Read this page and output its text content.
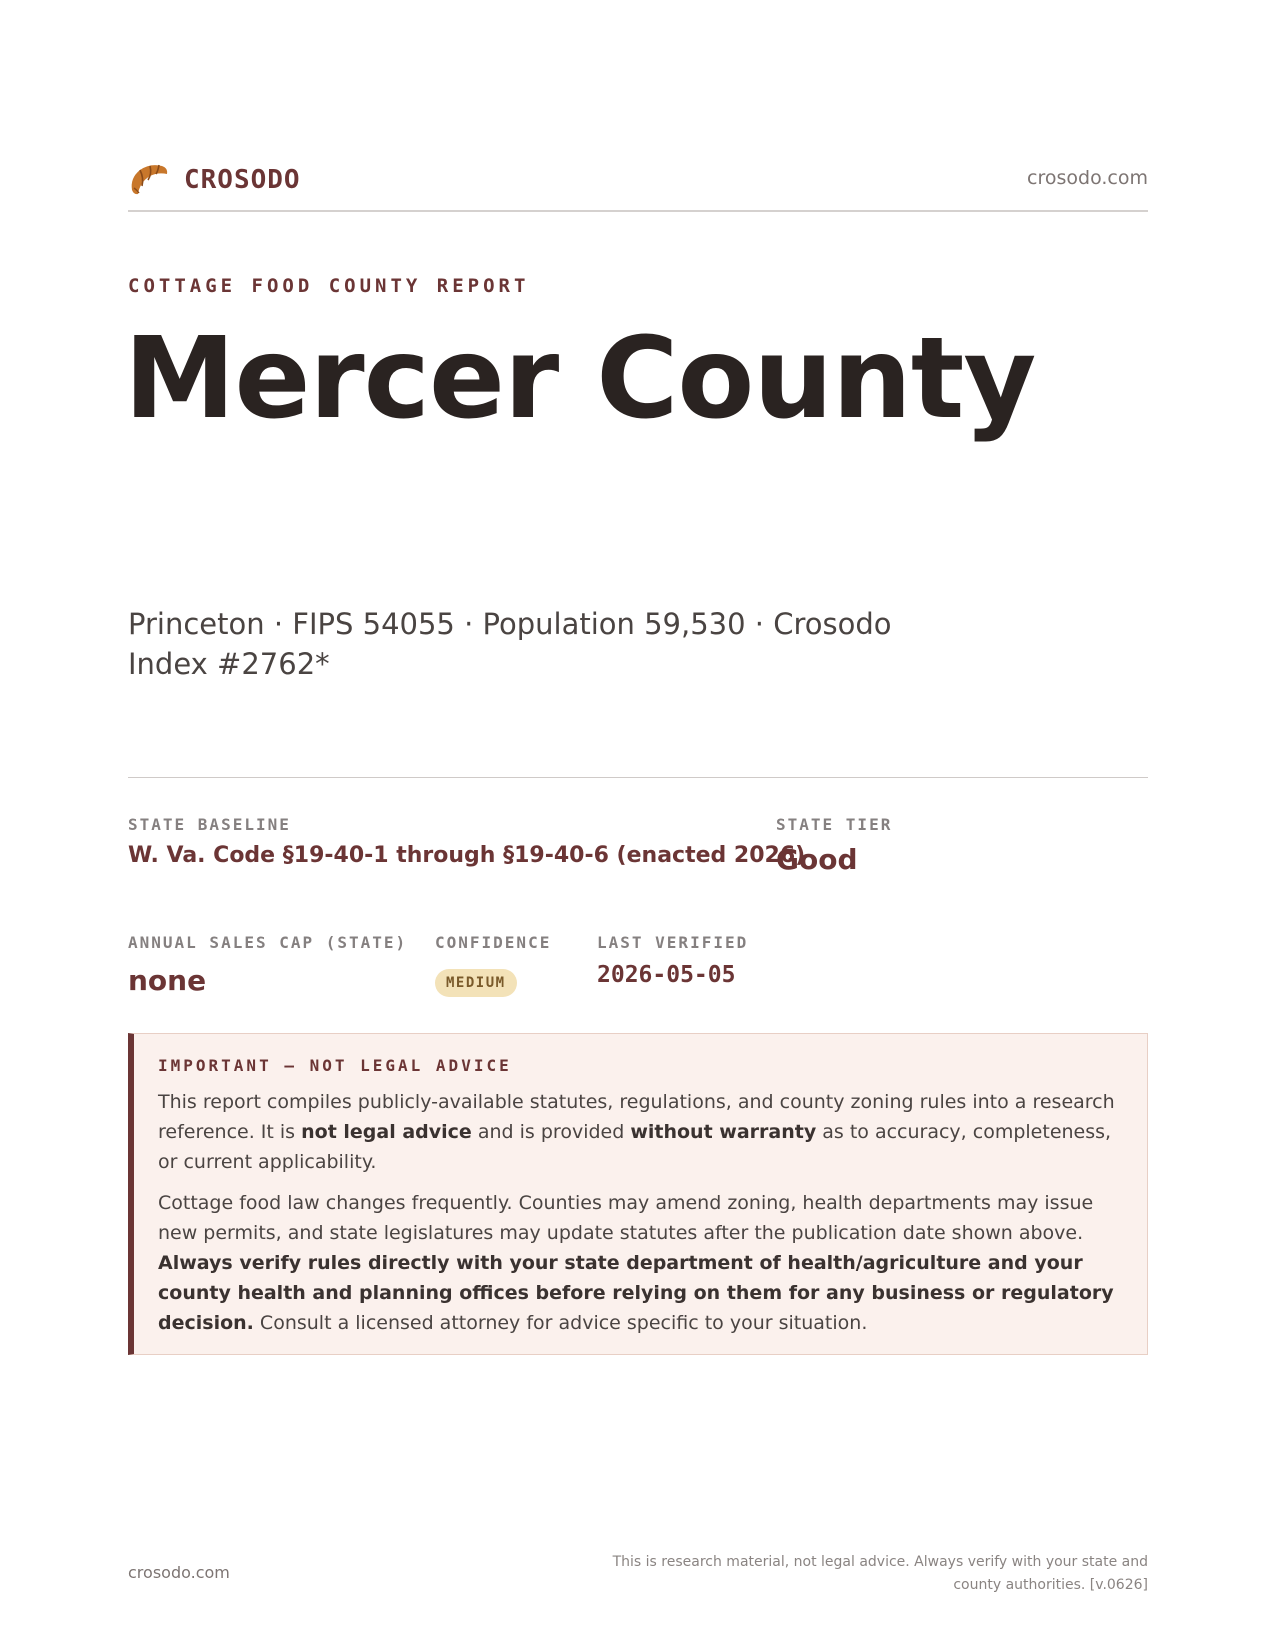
CROSODO	crosodo.com
COTTAGE FOOD COUNTY REPORT
Mercer County
Princeton · FIPS 54055 · Population 59,530 · Crosodo Index #2762*
STATE BASELINE
W. Va. Code §19-40-1 through §19-40-6 (enacted 2026)
STATE TIER
Good
ANNUAL SALES CAP (STATE)
none
CONFIDENCE
MEDIUM
LAST VERIFIED
2026-05-05
IMPORTANT — NOT LEGAL ADVICE

This report compiles publicly-available statutes, regulations, and county zoning rules into a research reference. It is not legal advice and is provided without warranty as to accuracy, completeness, or current applicability.

Cottage food law changes frequently. Counties may amend zoning, health departments may issue new permits, and state legislatures may update statutes after the publication date shown above. Always verify rules directly with your state department of health/agriculture and your county health and planning offices before relying on them for any business or regulatory decision. Consult a licensed attorney for advice specific to your situation.

crosodo.com
This is research material, not legal advice. Always verify with your state and county authorities. [v.0626]
